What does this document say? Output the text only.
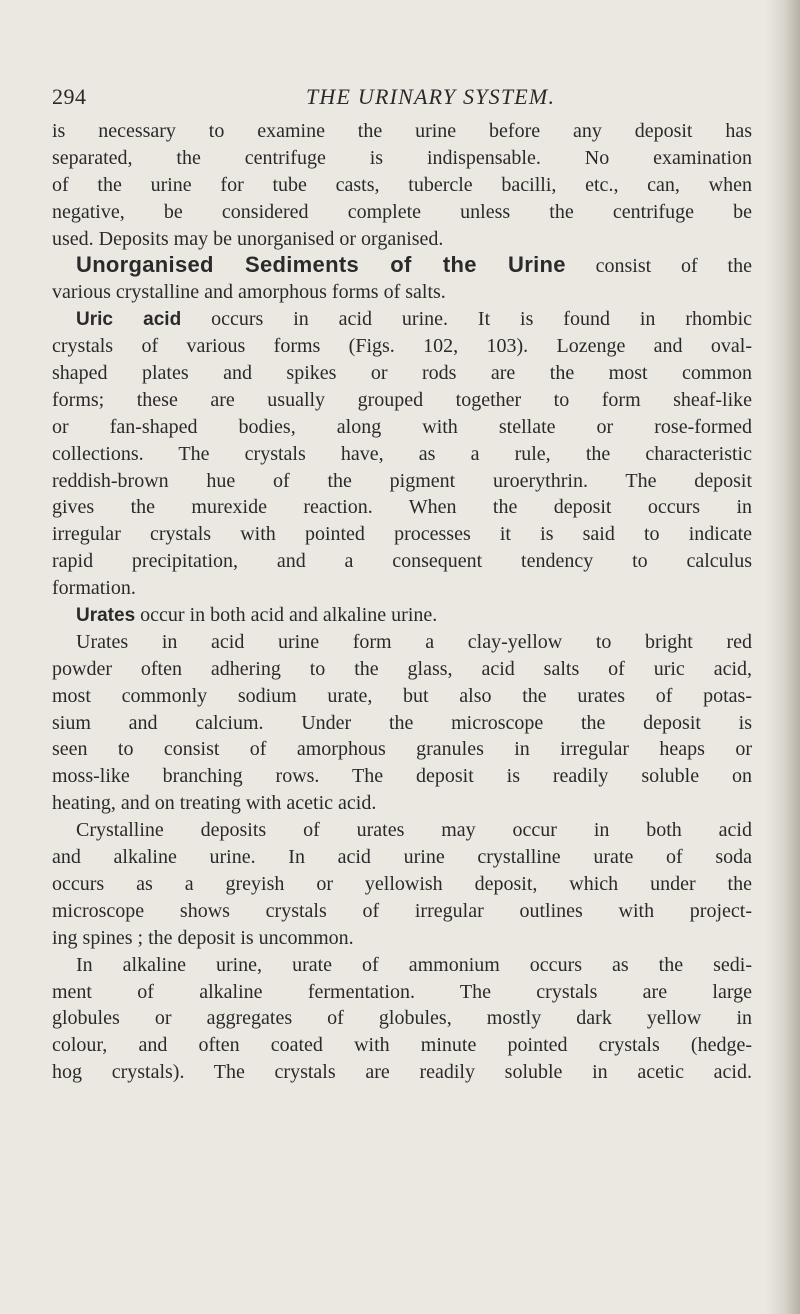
294	THE URINARY SYSTEM.
is necessary to examine the urine before any deposit has
separated, the centrifuge is indispensable. No examination
of the urine for tube casts, tubercle bacilli, etc., can, when
negative, be considered complete unless the centrifuge be
used. Deposits may be unorganised or organised.
Unorganised Sediments of the Urine consist of the
various crystalline and amorphous forms of salts.
Uric acid occurs in acid urine. It is found in rhombic
crystals of various forms (Figs. 102, 103). Lozenge and oval-
shaped plates and spikes or rods are the most common
forms; these are usually grouped together to form sheaf-like
or fan-shaped bodies, along with stellate or rose-formed
collections. The crystals have, as a rule, the characteristic
reddish-brown hue of the pigment uroerythrin. The deposit
gives the murexide reaction. When the deposit occurs in
irregular crystals with pointed processes it is said to indicate
rapid precipitation, and a consequent tendency to calculus
formation.
Urates occur in both acid and alkaline urine.
Urates in acid urine form a clay-yellow to bright red
powder often adhering to the glass, acid salts of uric acid,
most commonly sodium urate, but also the urates of potas-
sium and calcium. Under the microscope the deposit is
seen to consist of amorphous granules in irregular heaps or
moss-like branching rows. The deposit is readily soluble on
heating, and on treating with acetic acid.
Crystalline deposits of urates may occur in both acid
and alkaline urine. In acid urine crystalline urate of soda
occurs as a greyish or yellowish deposit, which under the
microscope shows crystals of irregular outlines with project-
ing spines ; the deposit is uncommon.
In alkaline urine, urate of ammonium occurs as the sedi-
ment of alkaline fermentation. The crystals are large
globules or aggregates of globules, mostly dark yellow in
colour, and often coated with minute pointed crystals (hedge-
hog crystals). The crystals are readily soluble in acetic acid.
